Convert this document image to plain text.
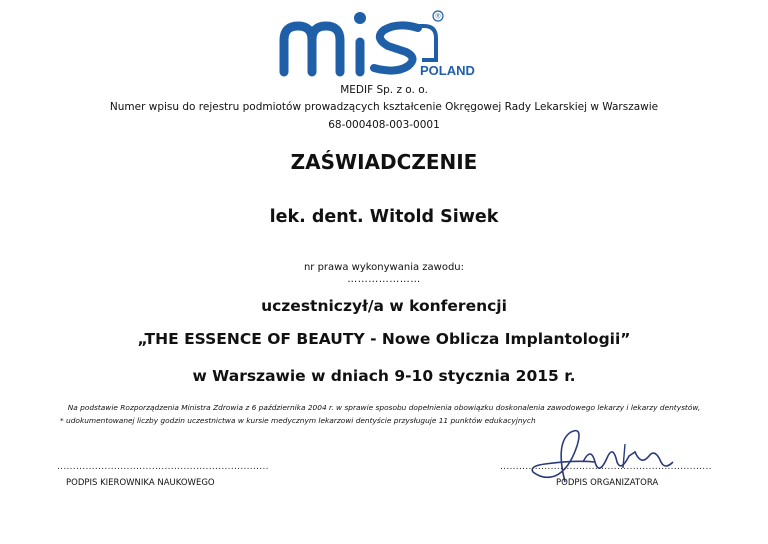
®
POLAND
MEDIF Sp. z o. o.
Numer wpisu do rejestru podmiotów prowadzących kształcenie Okręgowej Rady Lekarskiej w Warszawie
68-000408-003-0001
ZAŚWIADCZENIE
lek. dent. Witold Siwek
nr prawa wykonywania zawodu:
…………………
uczestniczył/a w konferencji
„THE ESSENCE OF BEAUTY - Nowe Oblicza Implantologii”
w Warszawie w dniach 9-10 stycznia 2015 r.
Na podstawie Rozporządzenia Ministra Zdrowia z 6 października 2004 r. w sprawie sposobu dopełnienia obowiązku doskonalenia zawodowego lekarzy i lekarzy dentystów,
* udokumentowanej liczby godzin uczestnictwa w kursie medycznym lekarzowi dentyście przysługuje 11 punktów edukacyjnych
...................................................................
PODPIS KIEROWNIKA NAUKOWEGO
...................................................................
PODPIS ORGANIZATORA
